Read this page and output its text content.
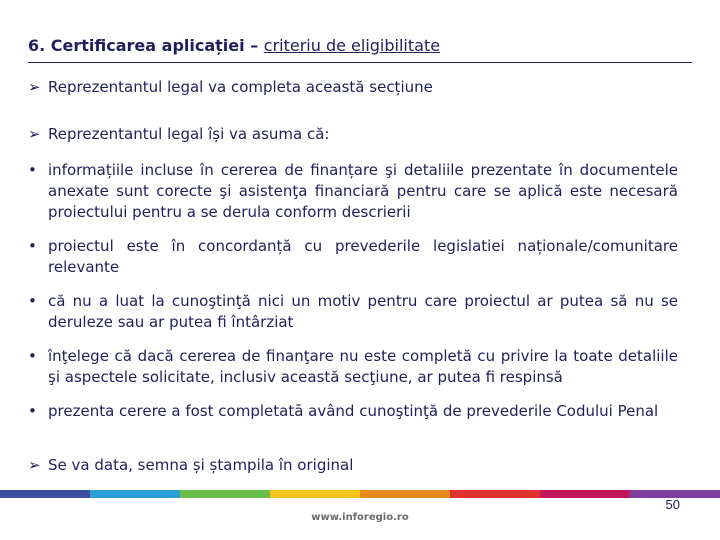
6. Certificarea aplicației – criteriu de eligibilitate
➢ Reprezentantul legal va completa această secțiune
➢ Reprezentantul legal își va asuma că:
• informațiile incluse în cererea de finanțare şi detaliile prezentate în documentele anexate sunt corecte şi asistenţa financiară pentru care se aplică este necesară proiectului pentru a se derula conform descrierii
• proiectul este în concordanță cu prevederile legislatiei naționale/comunitare relevante
• că nu a luat la cunoştinţă nici un motiv pentru care proiectul ar putea să nu se deruleze sau ar putea fi întârziat
• înţelege că dacă cererea de finanţare nu este completă cu privire la toate detaliile şi aspectele solicitate, inclusiv această secţiune, ar putea fi respinsă
• prezenta cerere a fost completatā având cunoştinţă de prevederile Codului Penal
➢ Se va data, semna și ștampila în original
50
www.inforegio.ro
